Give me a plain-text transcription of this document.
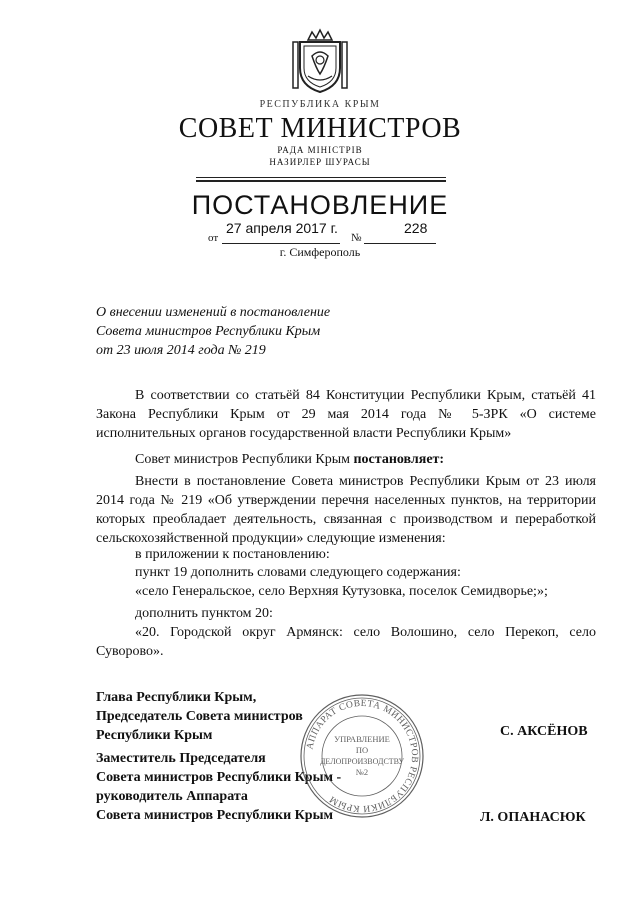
РЕСПУБЛИКА КРЫМ
СОВЕТ МИНИСТРОВ
РАДА МІНІСТРІВ
НАЗИРЛЕР ШУРАСЫ
ПОСТАНОВЛЕНИЕ
от
27 апреля 2017 г.
№
228
г. Симферополь
О внесении изменений в постановление
Совета министров Республики Крым
от 23 июля 2014 года № 219
В соответствии со статьёй 84 Конституции Республики Крым, статьёй 41 Закона Республики Крым от 29 мая 2014 года № 5-ЗРК «О системе исполнительных органов государственной власти Республики Крым»
Совет министров Республики Крым постановляет:
Внести в постановление Совета министров Республики Крым от 23 июля 2014 года № 219 «Об утверждении перечня населенных пунктов, на территории которых преобладает деятельность, связанная с производством и переработкой сельскохозяйственной продукции» следующие изменения:
в приложении к постановлению:
пункт 19 дополнить словами следующего содержания:
«село Генеральское, село Верхняя Кутузовка, поселок Семидворье;»;
дополнить пунктом 20:
«20. Городской округ Армянск: село Волошино, село Перекоп, село Суворово».
Глава Республики Крым,
Председатель Совета министров
Республики Крым	С. АКСЁНОВ
Заместитель Председателя
Совета министров Республики Крым -
руководитель Аппарата
Совета министров Республики Крым	Л. ОПАНАСЮК
АППАРАТ СОВЕТА МИНИСТРОВ РЕСПУБЛИКИ КРЫМ
УПРАВЛЕНИЕ
ПО
ДЕЛОПРОИЗВОДСТВУ
№2
